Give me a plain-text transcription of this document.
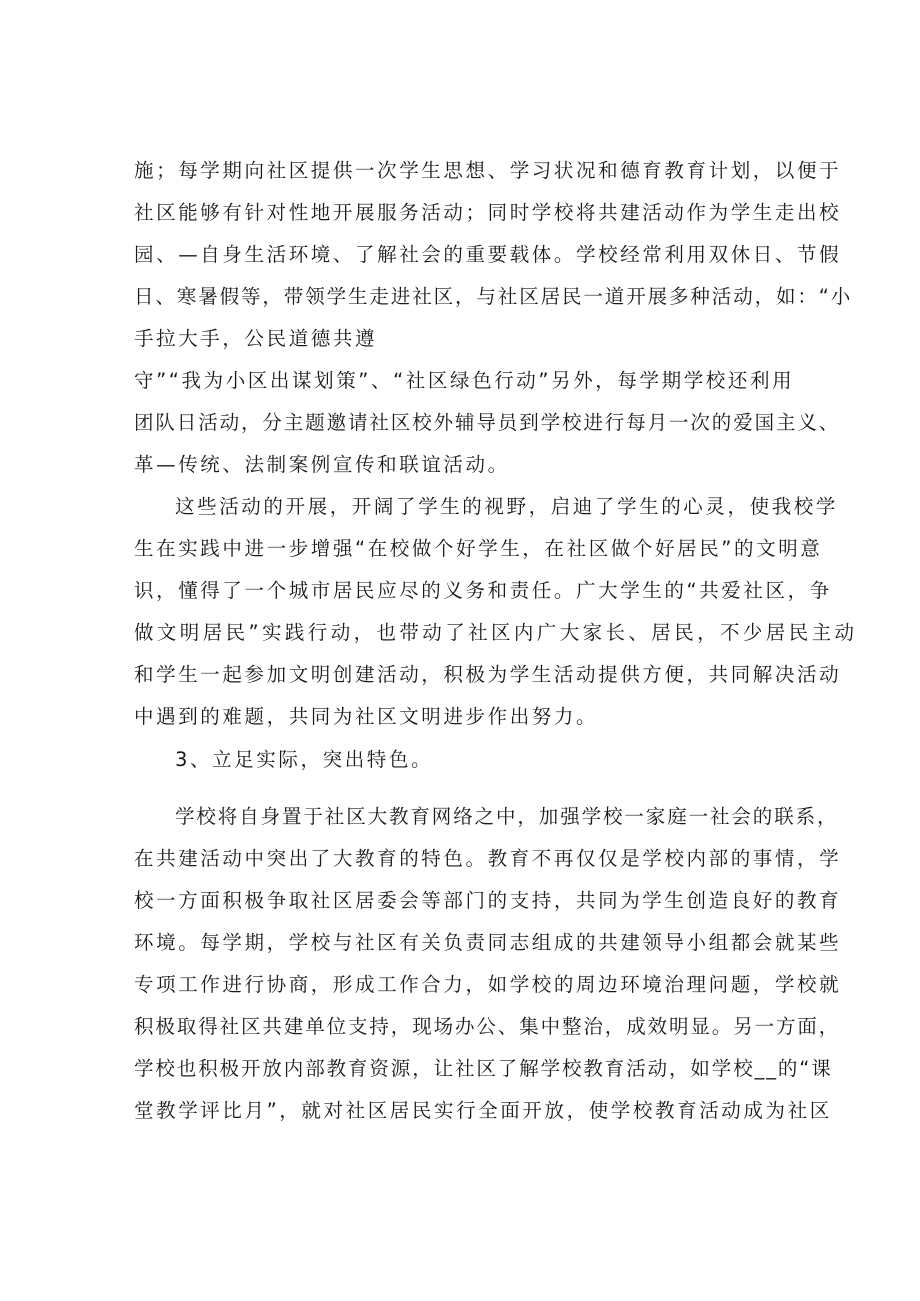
施；每学期向社区提供一次学生思想、学习状况和德育教育计划，以便于
社区能够有针对性地开展服务活动；同时学校将共建活动作为学生走出校
园、—自身生活环境、了解社会的重要载体。学校经常利用双休日、节假
日、寒暑假等，带领学生走进社区，与社区居民一道开展多种活动，如：“小
手拉大手，公民道德共遵
守”“我为小区出谋划策”、“社区绿色行动”另外，每学期学校还利用
团队日活动，分主题邀请社区校外辅导员到学校进行每月一次的爱国主义、
革—传统、法制案例宣传和联谊活动。
这些活动的开展，开阔了学生的视野，启迪了学生的心灵，使我校学
生在实践中进一步增强“在校做个好学生，在社区做个好居民”的文明意
识，懂得了一个城市居民应尽的义务和责任。广大学生的“共爱社区，争
做文明居民”实践行动，也带动了社区内广大家长、居民，不少居民主动
和学生一起参加文明创建活动，积极为学生活动提供方便，共同解决活动
中遇到的难题，共同为社区文明进步作出努力。
3、立足实际，突出特色。
学校将自身置于社区大教育网络之中，加强学校一家庭一社会的联系，
在共建活动中突出了大教育的特色。教育不再仅仅是学校内部的事情，学
校一方面积极争取社区居委会等部门的支持，共同为学生创造良好的教育
环境。每学期，学校与社区有关负责同志组成的共建领导小组都会就某些
专项工作进行协商，形成工作合力，如学校的周边环境治理问题，学校就
积极取得社区共建单位支持，现场办公、集中整治，成效明显。另一方面，
学校也积极开放内部教育资源，让社区了解学校教育活动，如学校__的“课
堂教学评比月”，就对社区居民实行全面开放，使学校教育活动成为社区
